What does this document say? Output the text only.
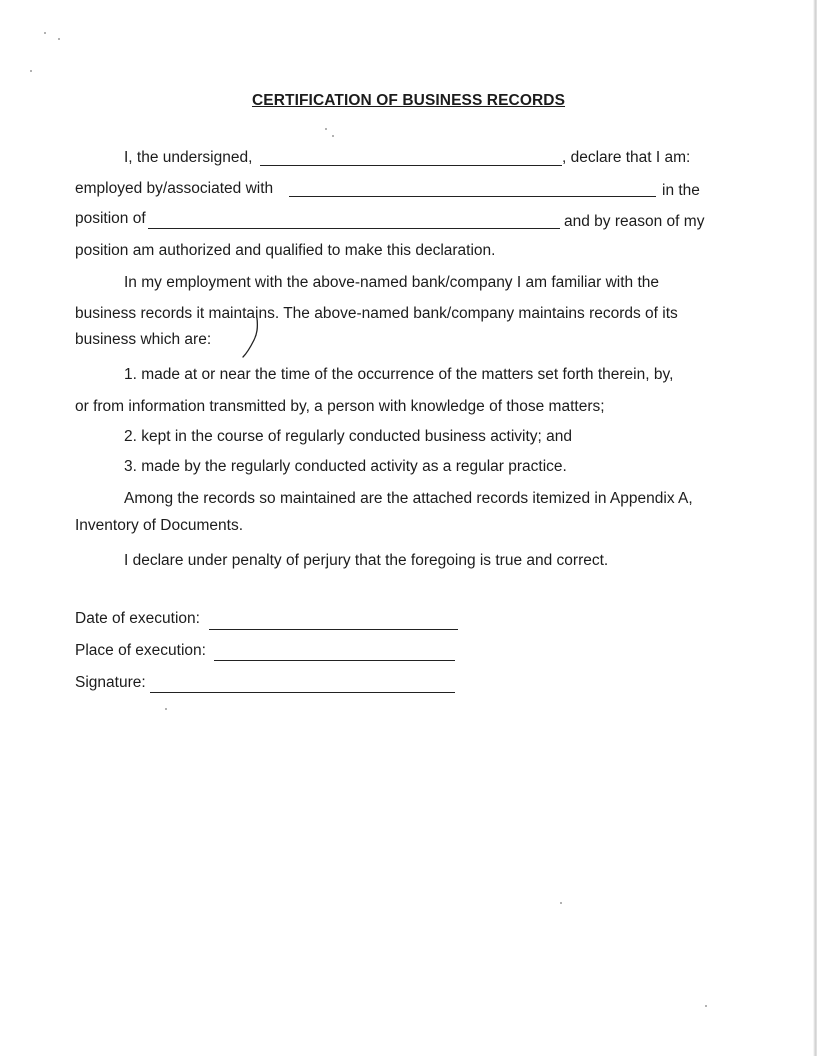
CERTIFICATION OF BUSINESS RECORDS
I, the undersigned,	, declare that I am:
employed by/associated with	in the
position of	and by reason of my
position am authorized and qualified to make this declaration.
In my employment with the above-named bank/company I am familiar with the
business records it maintains. The above-named bank/company maintains records of its
business which are:
1. made at or near the time of the occurrence of the matters set forth therein, by,
or from information transmitted by, a person with knowledge of those matters;
2. kept in the course of regularly conducted business activity; and
3. made by the regularly conducted activity as a regular practice.
Among the records so maintained are the attached records itemized in Appendix A,
Inventory of Documents.
I declare under penalty of perjury that the foregoing is true and correct.
Date of execution:
Place of execution:
Signature:
